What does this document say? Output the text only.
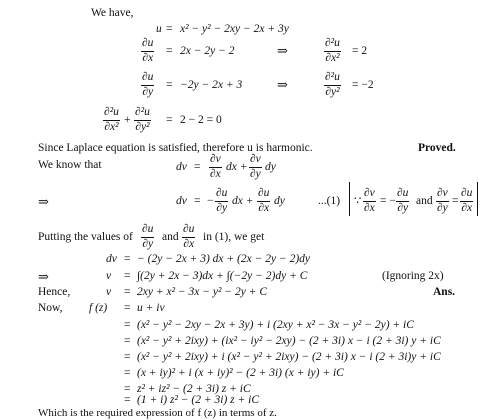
We have,
u = x² − y² − 2xy − 2x + 3y
∂u
∂x
= 2x − 2y − 2	⇒	∂²u
∂x²
= 2
∂u
∂y
= −2y − 2x + 3	⇒	∂²u
∂y²
= −2
∂²u
∂x²
+
∂²u
∂y²
= 2 − 2 = 0
Since Laplace equation is satisfied, therefore u is harmonic.	Proved.
We know that	dv =
∂v
∂x
dx +
∂v
∂y
dy
⇒	dv = −
∂u
∂y
dx +
∂u
∂x
dy	...(1) ∵
∂v
∂x
= −
∂u
∂y
and
∂v
∂y
=
∂u
∂x
Putting the values of
∂u
∂y
and
∂u
∂x
in (1), we get
dv = − (2y − 2x + 3) dx + (2x − 2y − 2)dy
⇒	v = ∫(2y + 2x − 3)dx + ∫(−2y − 2)dy + C	(Ignoring 2x)
Hence,	v = 2xy + x² − 3x − y² − 2y + C	Ans.
Now, f (z) = u + iv
= (x² − y² − 2xy − 2x + 3y) + i (2xy + x² − 3x − y² − 2y) + iC
= (x² − y² + 2ixy) + (ix² − iy² − 2xy) − (2 + 3i) x − i (2 + 3i) y + iC
= (x² − y² + 2ixy) + i (x² − y² + 2ixy) − (2 + 3i) x − i (2 + 3i)y + iC
= (x + iy)² + i (x + iy)² − (2 + 3i) (x + iy) + iC
= z² + iz² − (2 + 3i) z + iC
= (1 + i) z² − (2 + 3i) z + iC
Which is the required expression of f (z) in terms of z.
